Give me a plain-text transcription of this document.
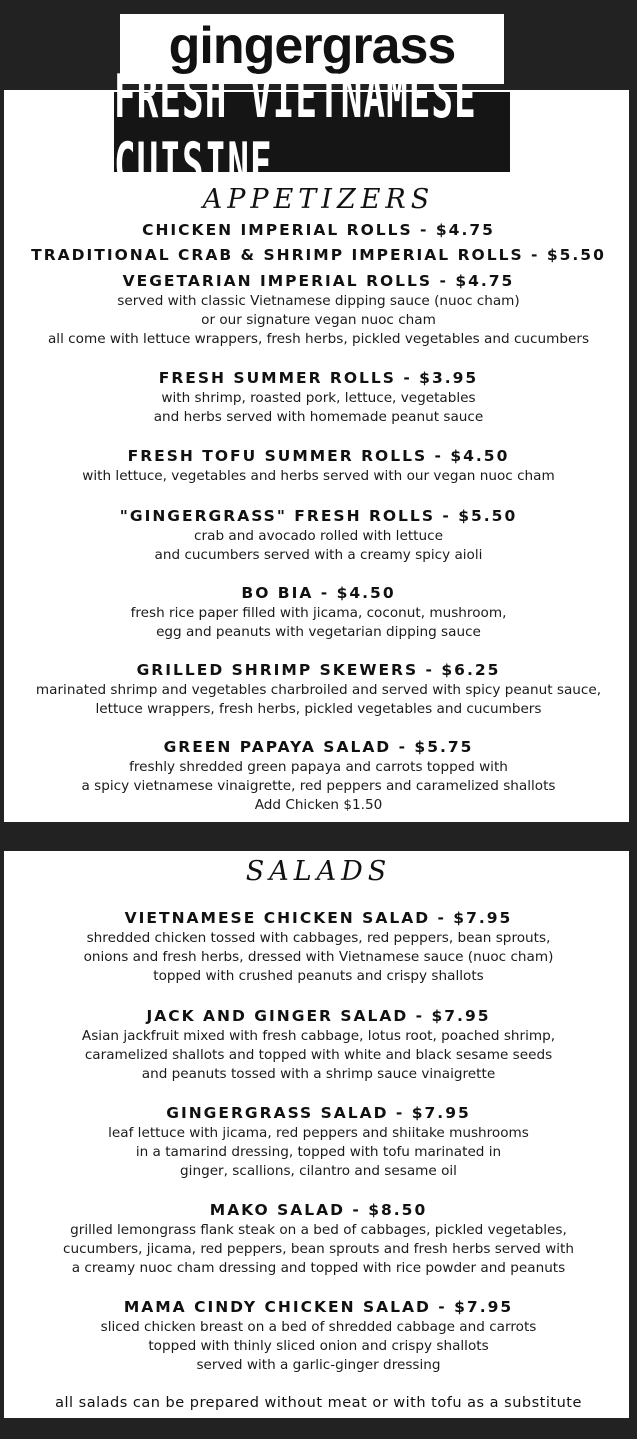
gingergrass
FRESH VIETNAMESE CUISINE
APPETIZERS
CHICKEN IMPERIAL ROLLS - $4.75
TRADITIONAL CRAB & SHRIMP IMPERIAL ROLLS - $5.50
VEGETARIAN IMPERIAL ROLLS - $4.75
served with classic Vietnamese dipping sauce (nuoc cham)
or our signature vegan nuoc cham
all come with lettuce wrappers, fresh herbs, pickled vegetables and cucumbers
FRESH SUMMER ROLLS - $3.95
with shrimp, roasted pork, lettuce, vegetables
and herbs served with homemade peanut sauce
FRESH TOFU SUMMER ROLLS - $4.50
with lettuce, vegetables and herbs served with our vegan nuoc cham
"GINGERGRASS" FRESH ROLLS - $5.50
crab and avocado rolled with lettuce
and cucumbers served with a creamy spicy aioli
BO BIA - $4.50
fresh rice paper filled with jicama, coconut, mushroom,
egg and peanuts with vegetarian dipping sauce
GRILLED SHRIMP SKEWERS - $6.25
marinated shrimp and vegetables charbroiled and served with spicy peanut sauce,
lettuce wrappers, fresh herbs, pickled vegetables and cucumbers
GREEN PAPAYA SALAD - $5.75
freshly shredded green papaya and carrots topped with
a spicy vietnamese vinaigrette, red peppers and caramelized shallots
Add Chicken $1.50
SALADS
VIETNAMESE CHICKEN SALAD - $7.95
shredded chicken tossed with cabbages, red peppers, bean sprouts,
onions and fresh herbs, dressed with Vietnamese sauce (nuoc cham)
topped with crushed peanuts and crispy shallots
JACK AND GINGER SALAD - $7.95
Asian jackfruit mixed with fresh cabbage, lotus root, poached shrimp,
caramelized shallots and topped with white and black sesame seeds
and peanuts tossed with a shrimp sauce vinaigrette
GINGERGRASS SALAD - $7.95
leaf lettuce with jicama, red peppers and shiitake mushrooms
in a tamarind dressing, topped with tofu marinated in
ginger, scallions, cilantro and sesame oil
MAKO SALAD - $8.50
grilled lemongrass flank steak on a bed of cabbages, pickled vegetables,
cucumbers, jicama, red peppers, bean sprouts and fresh herbs served with
a creamy nuoc cham dressing and topped with rice powder and peanuts
MAMA CINDY CHICKEN SALAD - $7.95
sliced chicken breast on a bed of shredded cabbage and carrots
topped with thinly sliced onion and crispy shallots
served with a garlic-ginger dressing
all salads can be prepared without meat or with tofu as a substitute
